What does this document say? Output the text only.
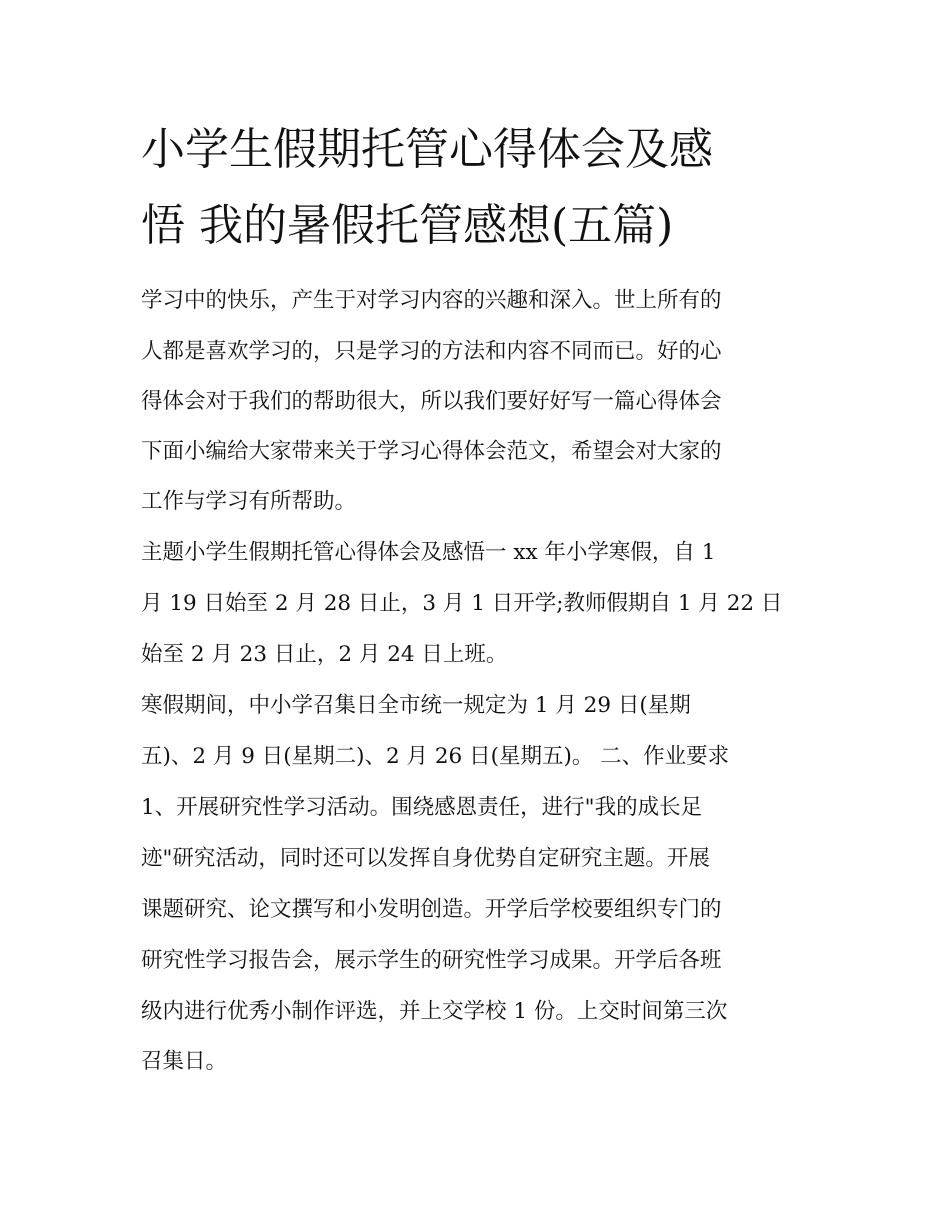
小学生假期托管心得体会及感
悟 我的暑假托管感想(五篇)
学习中的快乐，产生于对学习内容的兴趣和深入。世上所有的
人都是喜欢学习的，只是学习的方法和内容不同而已。好的心
得体会对于我们的帮助很大，所以我们要好好写一篇心得体会
下面小编给大家带来关于学习心得体会范文，希望会对大家的
工作与学习有所帮助。
主题小学生假期托管心得体会及感悟一 xx 年小学寒假，自 1
月 19 日始至 2 月 28 日止，3 月 1 日开学;教师假期自 1 月 22 日
始至 2 月 23 日止，2 月 24 日上班。
寒假期间，中小学召集日全市统一规定为 1 月 29 日(星期
五)、2 月 9 日(星期二)、2 月 26 日(星期五)。 二、作业要求
1、开展研究性学习活动。围绕感恩责任，进行"我的成长足
迹"研究活动，同时还可以发挥自身优势自定研究主题。开展
课题研究、论文撰写和小发明创造。开学后学校要组织专门的
研究性学习报告会，展示学生的研究性学习成果。开学后各班
级内进行优秀小制作评选，并上交学校 1 份。上交时间第三次
召集日。
